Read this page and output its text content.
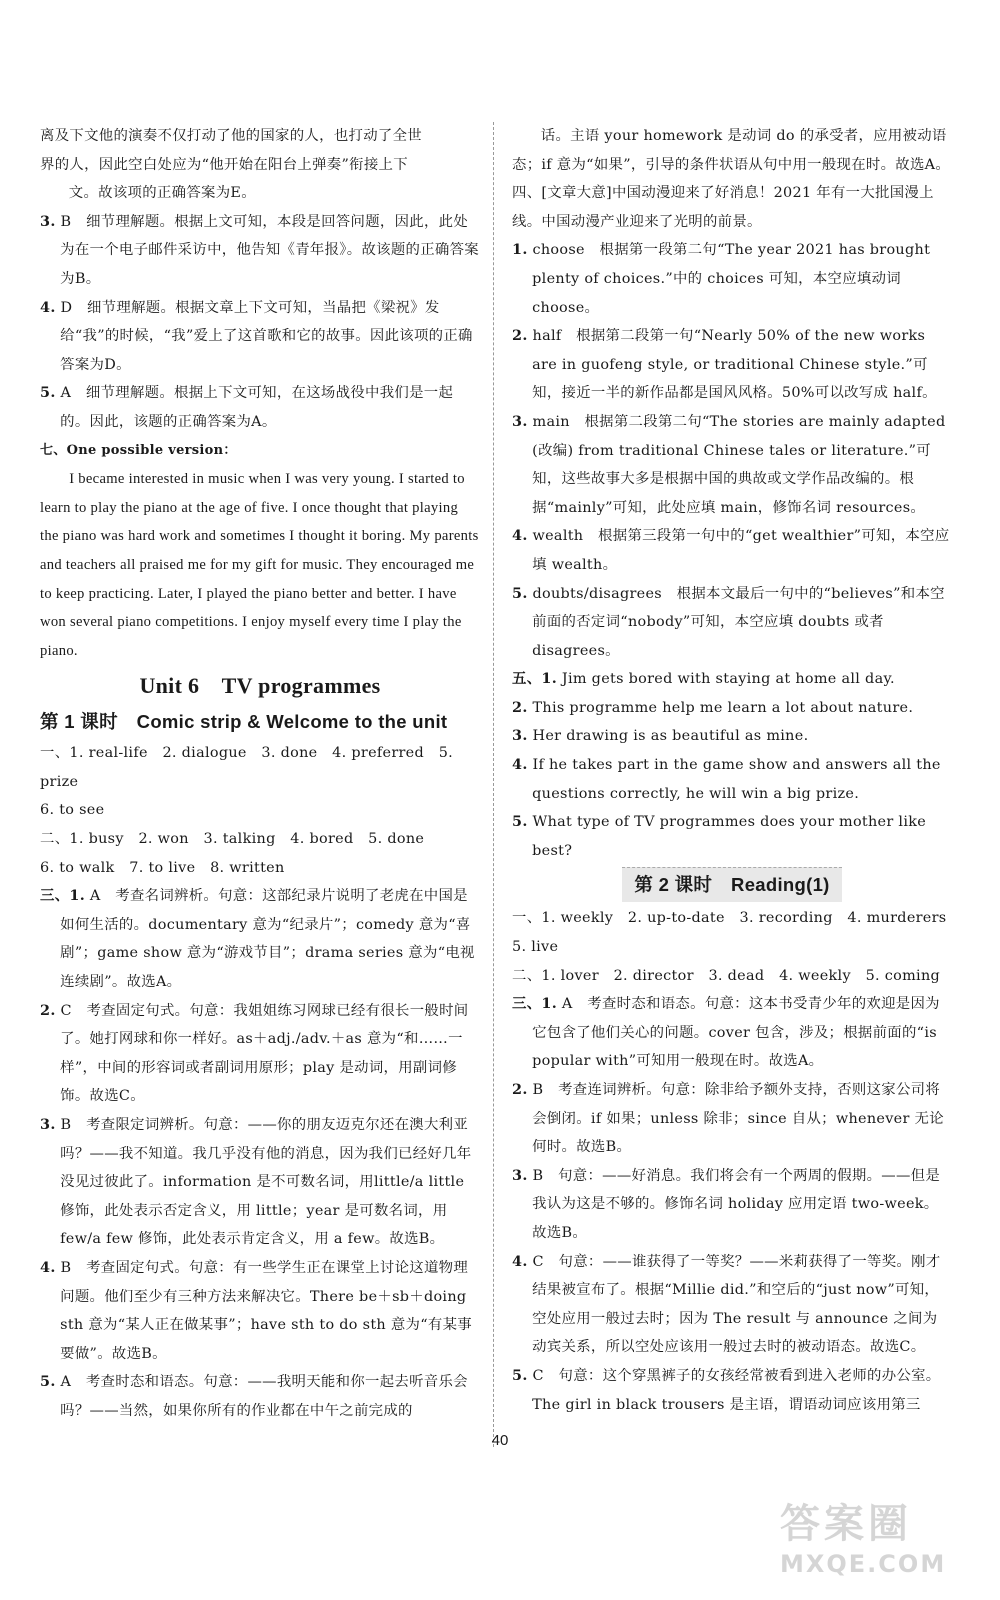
离及下文他的演奏不仅打动了他的国家的人，也打动了全世

界的人，因此空白处应为“他开始在阳台上弹奏”衔接上下

文。故该项的正确答案为E。

3. B　细节理解题。根据上文可知，本段是回答问题，因此，此处为在一个电子邮件采访中，他告知《青年报》。故该题的正确答案为B。

4. D　细节理解题。根据文章上下文可知，当晶把《梁祝》发给“我”的时候，“我”爱上了这首歌和它的故事。因此该项的正确答案为D。

5. A　细节理解题。根据上下文可知，在这场战役中我们是一起的。因此，该题的正确答案为A。

七、One possible version：

I became interested in music when I was very young. I started to learn to play the piano at the age of five. I once thought that playing the piano was hard work and sometimes I thought it boring. My parents and teachers all praised me for my gift for music. They encouraged me to keep practicing. Later, I played the piano better and better. I have won several piano competitions. I enjoy myself every time I play the piano.

Unit 6　TV programmes

第 1 课时　Comic strip & Welcome to the unit

一、1. real-life　2. dialogue　3. done　4. preferred　5. prize

6. to see

二、1. busy　2. won　3. talking　4. bored　5. done

6. to walk　7. to live　8. written

三、1. A　考查名词辨析。句意：这部纪录片说明了老虎在中国是如何生活的。documentary 意为“纪录片”；comedy 意为“喜剧”；game show 意为“游戏节目”；drama series 意为“电视连续剧”。故选A。

2. C　考查固定句式。句意：我姐姐练习网球已经有很长一般时间了。她打网球和你一样好。as＋adj./adv.＋as 意为“和……一样”，中间的形容词或者副词用原形；play 是动词，用副词修饰。故选C。

3. B　考查限定词辨析。句意：——你的朋友迈克尔还在澳大利亚吗？——我不知道。我几乎没有他的消息，因为我们已经好几年没见过彼此了。information 是不可数名词，用little/a little 修饰，此处表示否定含义，用 little；year 是可数名词，用 few/a few 修饰，此处表示肯定含义，用 a few。故选B。

4. B　考查固定句式。句意：有一些学生正在课堂上讨论这道物理问题。他们至少有三种方法来解决它。There be＋sb＋doing sth 意为“某人正在做某事”；have sth to do sth 意为“有某事要做”。故选B。

5. A　考查时态和语态。句意：——我明天能和你一起去听音乐会吗？——当然，如果你所有的作业都在中午之前完成的

话。主语 your homework 是动词 do 的承受者，应用被动语态；if 意为“如果”，引导的条件状语从句中用一般现在时。故选A。

四、[文章大意]中国动漫迎来了好消息！2021 年有一大批国漫上线。中国动漫产业迎来了光明的前景。

1. choose　根据第一段第二句“The year 2021 has brought plenty of choices.”中的 choices 可知，本空应填动词 choose。

2. half　根据第二段第一句“Nearly 50% of the new works are in guofeng style, or traditional Chinese style.”可知，接近一半的新作品都是国风风格。50%可以改写成 half。

3. main　根据第二段第二句“The stories are mainly adapted (改编) from traditional Chinese tales or literature.”可知，这些故事大多是根据中国的典故或文学作品改编的。根据“mainly”可知，此处应填 main，修饰名词 resources。

4. wealth　根据第三段第一句中的“get wealthier”可知，本空应填 wealth。

5. doubts/disagrees　根据本文最后一句中的“believes”和本空前面的否定词“nobody”可知，本空应填 doubts 或者 disagrees。

五、1. Jim gets bored with staying at home all day.

2. This programme help me learn a lot about nature.

3. Her drawing is as beautiful as mine.

4. If he takes part in the game show and answers all the questions correctly, he will win a big prize.

5. What type of TV programmes does your mother like best?

第 2 课时　Reading(1)

一、1. weekly　2. up-to-date　3. recording　4. murderers

5. live

二、1. lover　2. director　3. dead　4. weekly　5. coming

三、1. A　考查时态和语态。句意：这本书受青少年的欢迎是因为它包含了他们关心的问题。cover 包含，涉及；根据前面的“is popular with”可知用一般现在时。故选A。

2. B　考查连词辨析。句意：除非给予额外支持，否则这家公司将会倒闭。if 如果；unless 除非；since 自从；whenever 无论何时。故选B。

3. B　句意：——好消息。我们将会有一个两周的假期。——但是我认为这是不够的。修饰名词 holiday 应用定语 two-week。故选B。

4. C　句意：——谁获得了一等奖？——米莉获得了一等奖。刚才结果被宣布了。根据“Millie did.”和空后的“just now”可知，空处应用一般过去时；因为 The result 与 announce 之间为动宾关系，所以空处应该用一般过去时的被动语态。故选C。

5. C　句意：这个穿黑裤子的女孩经常被看到进入老师的办公室。The girl in black trousers 是主语，谓语动词应该用第三

40
答案圈
MXQE.COM
